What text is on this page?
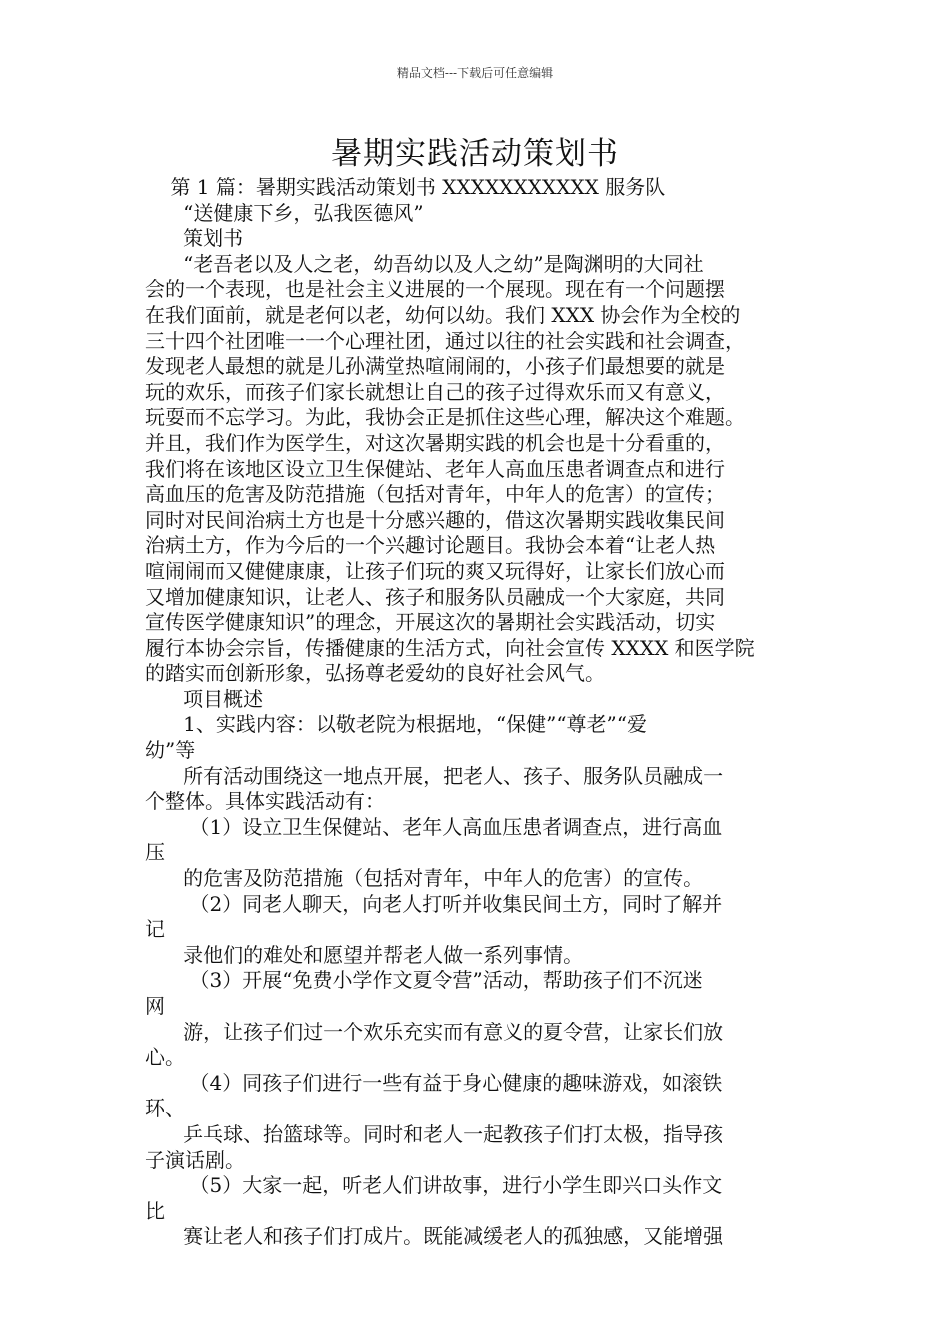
精品文档---下载后可任意编辑
暑期实践活动策划书

第 1 篇：暑期实践活动策划书 XXXXXXXXXXX 服务队

“送健康下乡，弘我医德风”

策划书

“老吾老以及人之老，幼吾幼以及人之幼”是陶渊明的大同社

会的一个表现，也是社会主义进展的一个展现。现在有一个问题摆

在我们面前，就是老何以老，幼何以幼。我们 XXX 协会作为全校的

三十四个社团唯一一个心理社团，通过以往的社会实践和社会调查，

发现老人最想的就是儿孙满堂热喧闹闹的，小孩子们最想要的就是

玩的欢乐，而孩子们家长就想让自己的孩子过得欢乐而又有意义，

玩耍而不忘学习。为此，我协会正是抓住这些心理，解决这个难题。

并且，我们作为医学生，对这次暑期实践的机会也是十分看重的，

我们将在该地区设立卫生保健站、老年人高血压患者调查点和进行

高血压的危害及防范措施（包括对青年，中年人的危害）的宣传；

同时对民间治病土方也是十分感兴趣的，借这次暑期实践收集民间

治病土方，作为今后的一个兴趣讨论题目。我协会本着“让老人热

喧闹闹而又健健康康，让孩子们玩的爽又玩得好，让家长们放心而

又增加健康知识，让老人、孩子和服务队员融成一个大家庭，共同

宣传医学健康知识”的理念，开展这次的暑期社会实践活动，切实

履行本协会宗旨，传播健康的生活方式，向社会宣传 XXXX 和医学院

的踏实而创新形象，弘扬尊老爱幼的良好社会风气。

项目概述

1、实践内容：以敬老院为根据地，“保健”“尊老”“爱

幼”等

所有活动围绕这一地点开展，把老人、孩子、服务队员融成一

个整体。具体实践活动有：

（1）设立卫生保健站、老年人高血压患者调查点，进行高血

压

的危害及防范措施（包括对青年，中年人的危害）的宣传。

（2）同老人聊天，向老人打听并收集民间土方，同时了解并

记

录他们的难处和愿望并帮老人做一系列事情。

（3）开展“免费小学作文夏令营”活动，帮助孩子们不沉迷

网

游，让孩子们过一个欢乐充实而有意义的夏令营，让家长们放

心。

（4）同孩子们进行一些有益于身心健康的趣味游戏，如滚铁

环、

乒乓球、抬篮球等。同时和老人一起教孩子们打太极，指导孩

子演话剧。

（5）大家一起，听老人们讲故事，进行小学生即兴口头作文

比

赛让老人和孩子们打成片。既能减缓老人的孤独感，又能增强
